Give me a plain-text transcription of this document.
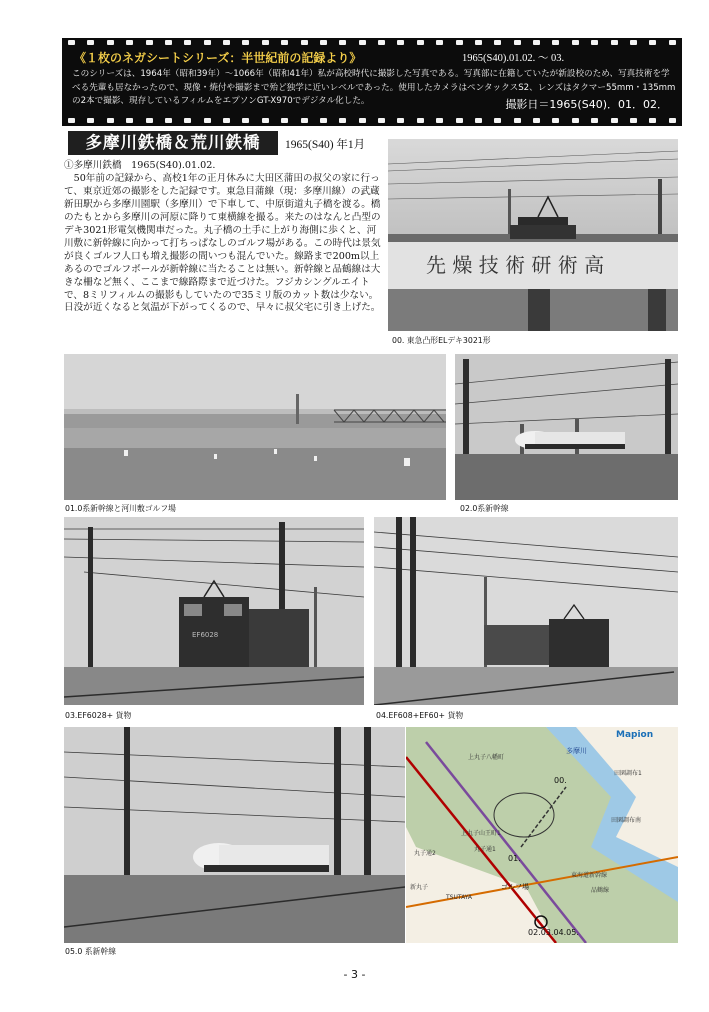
《１枚のネガシートシリーズ：半世紀前の記録より》	1965(S40).01.02. ～ 03.
このシリーズは、1964年（昭和39年）～1066年（昭和41年）私が高校時代に撮影した写真である。写真部に在籍していたが新設校のため、写真技術を学べる先輩も居なかったので、現像・焼付や撮影まで殆ど独学に近いレベルであった。使用したカメラはペンタックスS2、レンズはタクマー55mm・135mmの2本で撮影、現存しているフィルムをエプソンGT-X970でデジタル化した。	撮影日＝1965(S40)．01．02．
多摩川鉄橋＆荒川鉄橋	1965(S40) 年1月
①多摩川鉄橋　1965(S40).01.02.

50年前の記録から、高校1年の正月休みに大田区蒲田の叔父の家に行って、東京近郊の撮影をした記録です。東急目蒲線（現：多摩川線）の武蔵新田駅から多摩川園駅（多摩川）で下車して、中原街道丸子橋を渡る。橋のたもとから多摩川の河原に降りて東横線を撮る。来たのはなんと凸型のデキ3021形電気機関車だった。丸子橋の土手に上がり海側に歩くと、河川敷に新幹線に向かって打ちっぱなしのゴルフ場がある。この時代は景気が良くゴルフ人口も増え撮影の間いつも混んでいた。線路まで200m以上あるのでゴルフボールが新幹線に当たることは無い。新幹線と品鶴線は大きな柵など無く、ここまで線路際まで近づけた。フジカシングルエイトで、8ミリフィルムの撮影もしていたので35ミリ版のカット数は少ない。日没が近くなると気温が下がってくるので、早々に叔父宅に引き上げた。

先 燥 技 術 研 術 高
00. 東急凸形ELデキ3021形
01.0系新幹線と河川敷ゴルフ場	02.0系新幹線
EF6028
03.EF6028+ 貨物	04.EF608+EF60+ 貨物
05.0 系新幹線
Mapion
多摩川
上丸子八幡町
上丸子山王町1
丸子通2
丸子通1
ゴルフ場
新丸子
TSUTAYA
田園調布1
田園調布南
品鶴線
東海道新幹線
00.
01.
02.03.04.05.
- 3 -
